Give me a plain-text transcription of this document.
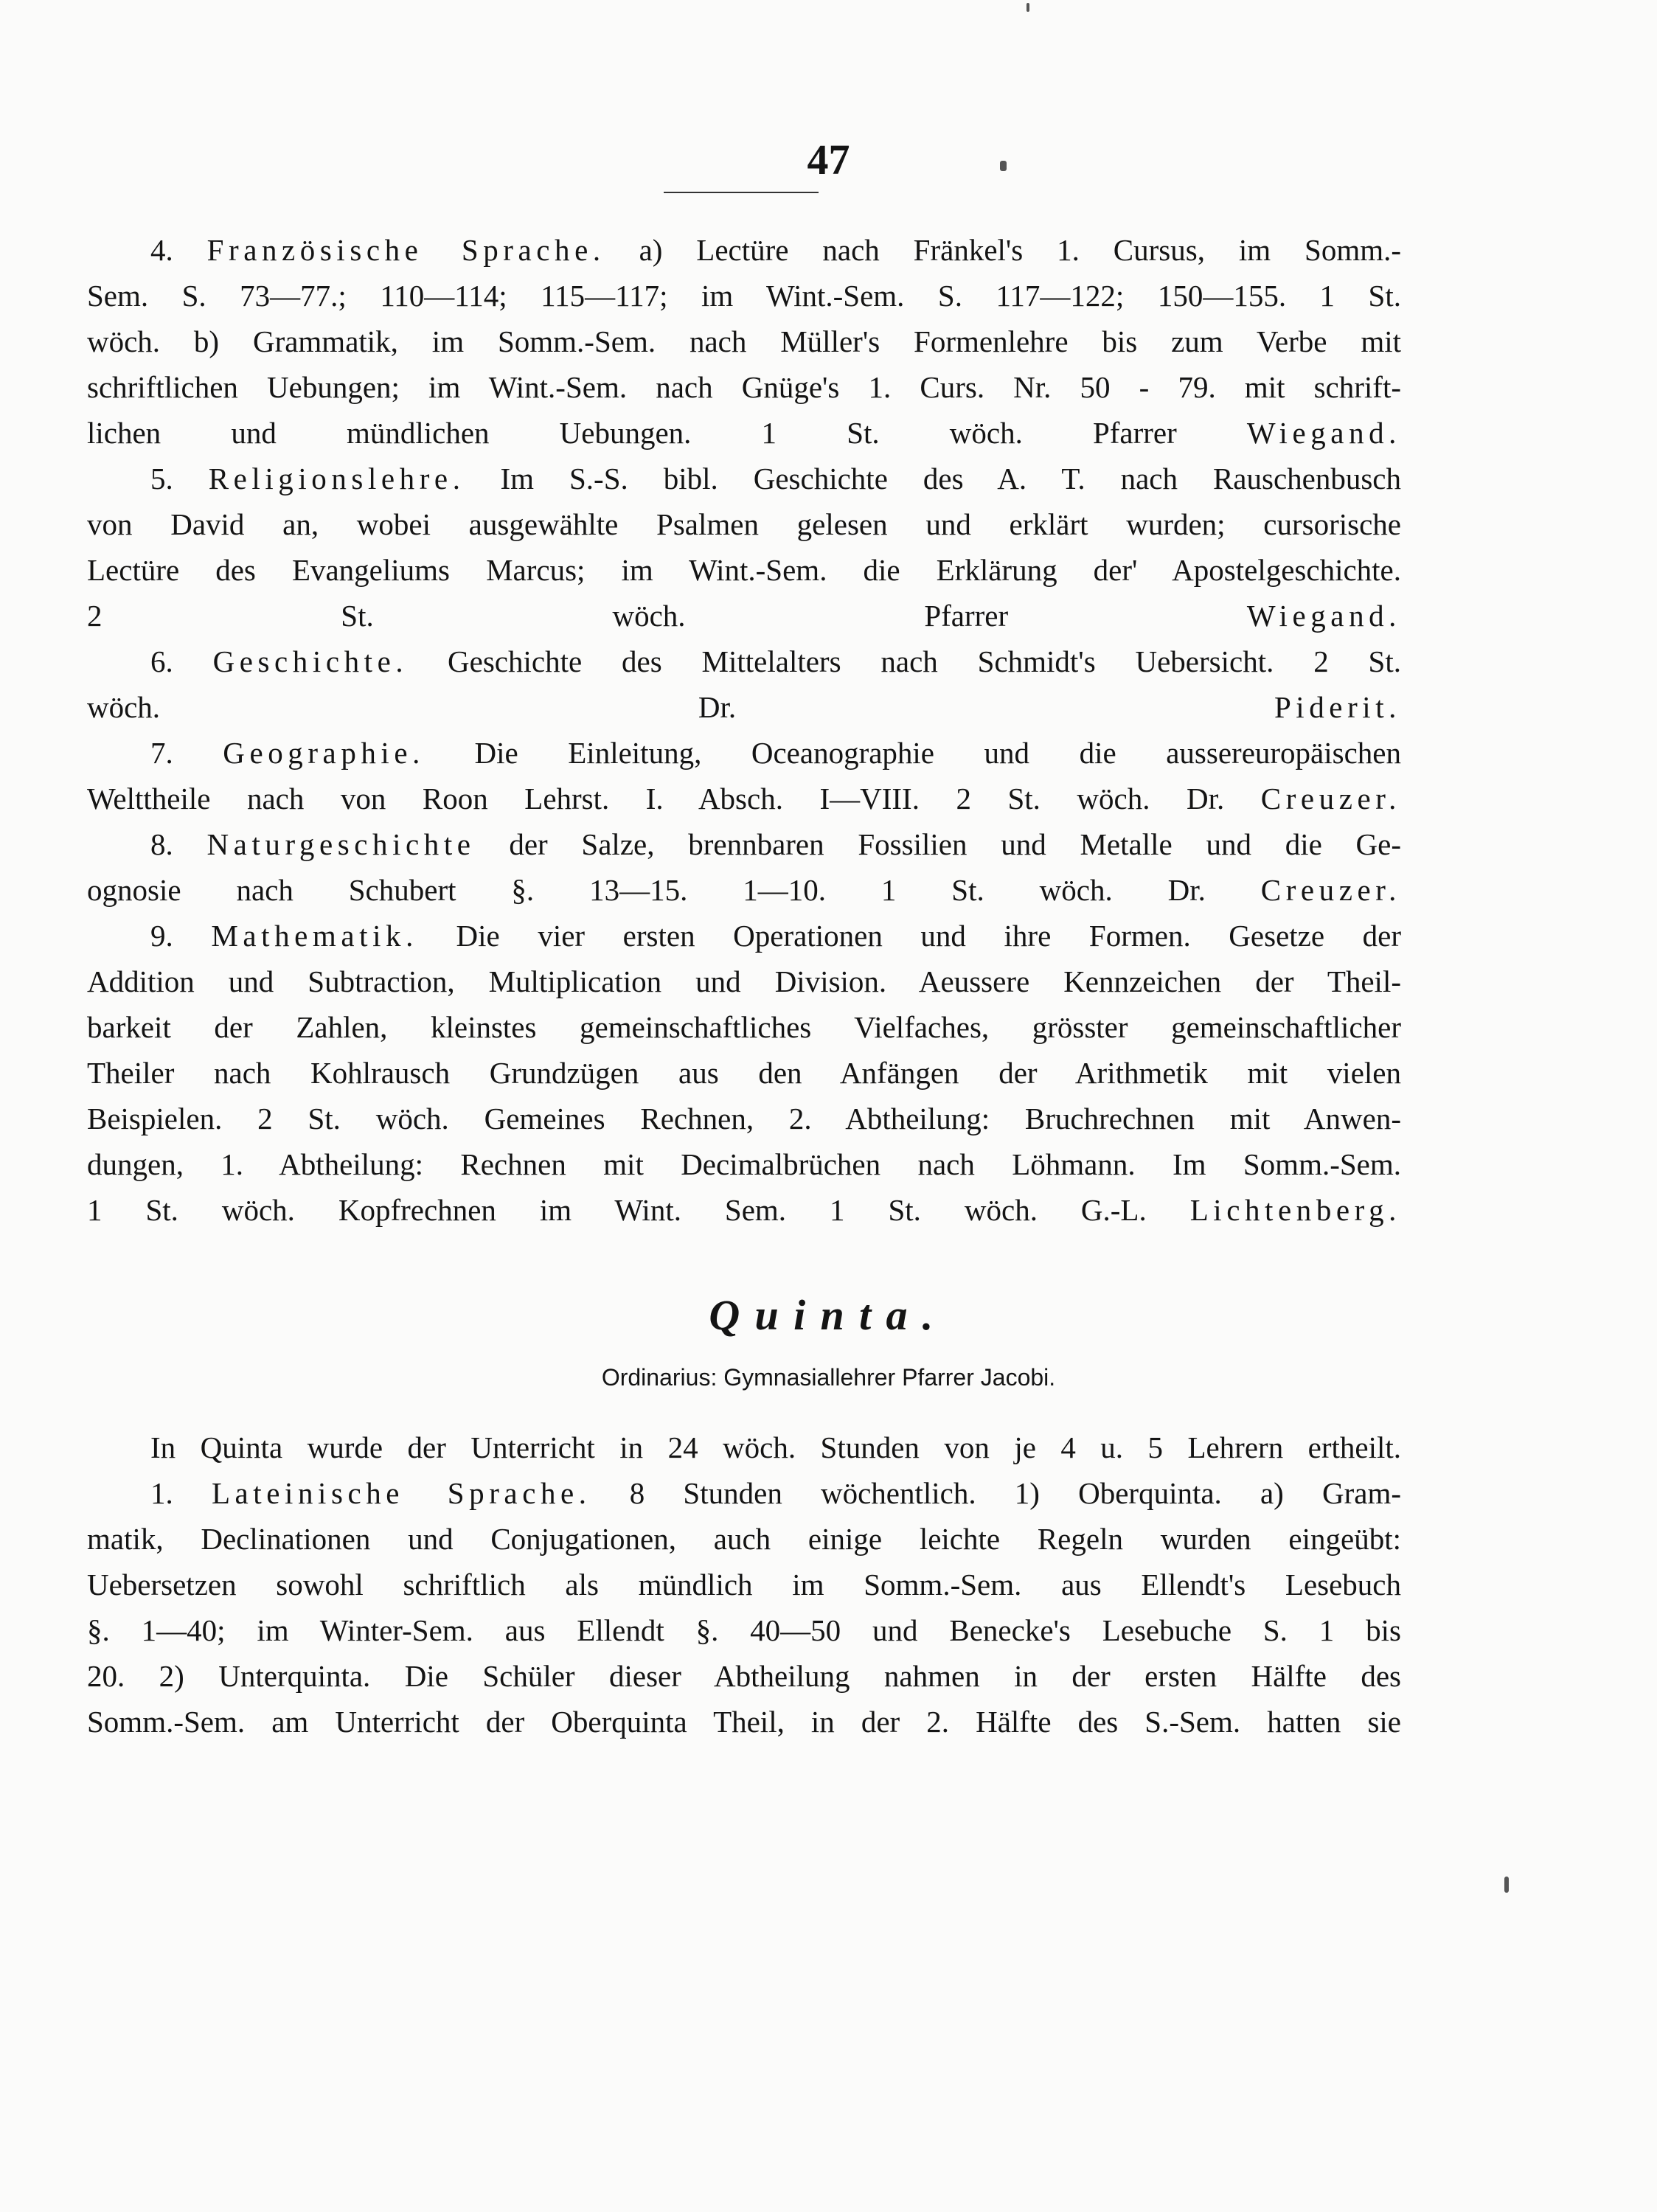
47
4. Französische Sprache. a) Lectüre nach Fränkel's 1. Cursus, im Somm.-
Sem. S. 73—77.; 110—114; 115—117; im Wint.-Sem. S. 117—122; 150—155. 1 St.
wöch. b) Grammatik, im Somm.-Sem. nach Müller's Formenlehre bis zum Verbe mit
schriftlichen Uebungen; im Wint.-Sem. nach Gnüge's 1. Curs. Nr. 50 - 79. mit schrift-
lichen und mündlichen Uebungen. 1 St. wöch. Pfarrer Wiegand.
5. Religionslehre. Im S.-S. bibl. Geschichte des A. T. nach Rauschenbusch
von David an, wobei ausgewählte Psalmen gelesen und erklärt wurden; cursorische
Lectüre des Evangeliums Marcus; im Wint.-Sem. die Erklärung der' Apostelgeschichte.
2 St. wöch. Pfarrer Wiegand.
6. Geschichte. Geschichte des Mittelalters nach Schmidt's Uebersicht. 2 St.
wöch. Dr. Piderit.
7. Geographie. Die Einleitung, Oceanographie und die aussereuropäischen
Welttheile nach von Roon Lehrst. I. Absch. I—VIII. 2 St. wöch. Dr. Creuzer.
8. Naturgeschichte der Salze, brennbaren Fossilien und Metalle und die Ge-
ognosie nach Schubert §. 13—15. 1—10. 1 St. wöch. Dr. Creuzer.
9. Mathematik. Die vier ersten Operationen und ihre Formen. Gesetze der
Addition und Subtraction, Multiplication und Division. Aeussere Kennzeichen der Theil-
barkeit der Zahlen, kleinstes gemeinschaftliches Vielfaches, grösster gemeinschaftlicher
Theiler nach Kohlrausch Grundzügen aus den Anfängen der Arithmetik mit vielen
Beispielen. 2 St. wöch. Gemeines Rechnen, 2. Abtheilung: Bruchrechnen mit Anwen-
dungen, 1. Abtheilung: Rechnen mit Decimalbrüchen nach Löhmann. Im Somm.-Sem.
1 St. wöch. Kopfrechnen im Wint. Sem. 1 St. wöch. G.-L. Lichtenberg.
Quinta.
Ordinarius: Gymnasiallehrer Pfarrer Jacobi.
In Quinta wurde der Unterricht in 24 wöch. Stunden von je 4 u. 5 Lehrern ertheilt.
1. Lateinische Sprache. 8 Stunden wöchentlich. 1) Oberquinta. a) Gram-
matik, Declinationen und Conjugationen, auch einige leichte Regeln wurden eingeübt:
Uebersetzen sowohl schriftlich als mündlich im Somm.-Sem. aus Ellendt's Lesebuch
§. 1—40; im Winter-Sem. aus Ellendt §. 40—50 und Benecke's Lesebuche S. 1 bis
20. 2) Unterquinta. Die Schüler dieser Abtheilung nahmen in der ersten Hälfte des
Somm.-Sem. am Unterricht der Oberquinta Theil, in der 2. Hälfte des S.-Sem. hatten sie
